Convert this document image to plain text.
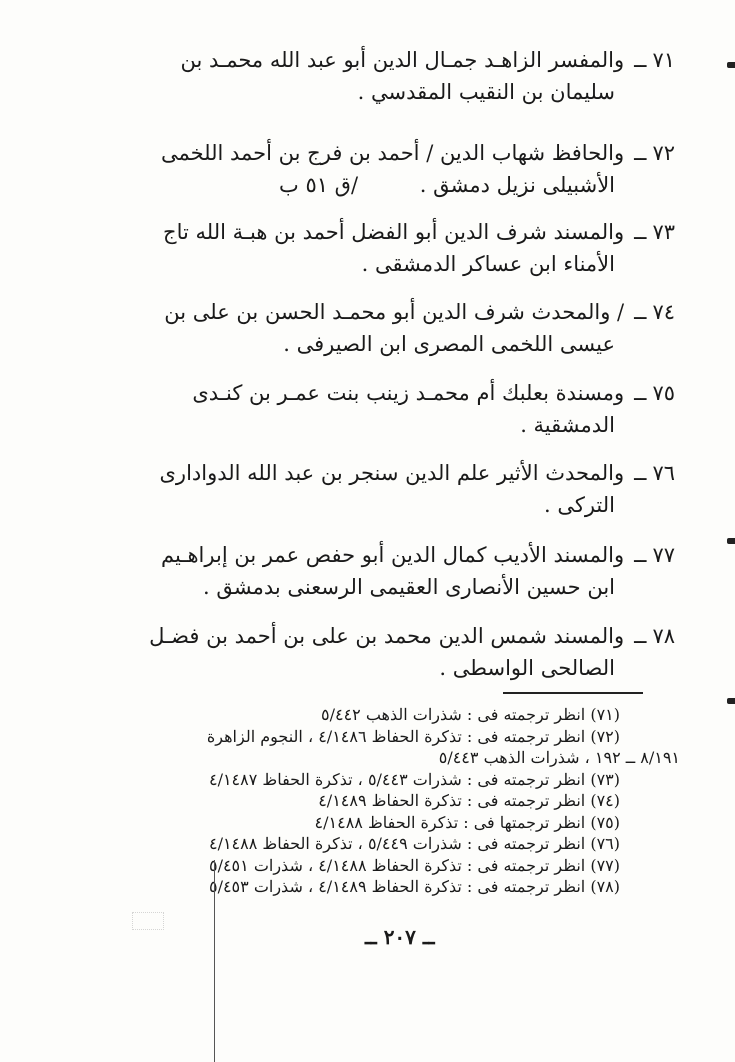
٧١
ــ
والمفسر الزاهـد جمـال الدين أبو عبد الله محمـد بن
سليمان بن النقيب المقدسي .
٧٢
ــ
والحافظ شهاب الدين / أحمد بن فرج بن أحمد اللخمى
الأشبيلى نزيل دمشق . /ق ٥١ ب
٧٣
ــ
والمسند شرف الدين أبو الفضل أحمد بن هبـة الله تاج
الأمناء ابن عساكر الدمشقى .
٧٤
ــ
/ والمحدث شرف الدين أبو محمـد الحسن بن على بن
عيسى اللخمى المصرى ابن الصيرفى .
٧٥
ــ
ومسندة بعلبك أم محمـد زينب بنت عمـر بن كنـدى
الدمشقية .
٧٦
ــ
والمحدث الأثير علم الدين سنجر بن عبد الله الدوادارى
التركى .
٧٧
ــ
والمسند الأديب كمال الدين أبو حفص عمر بن إبراهـيم
ابن حسين الأنصارى العقيمى الرسعنى بدمشق .
٧٨
ــ
والمسند شمس الدين محمد بن على بن أحمد بن فضـل
الصالحى الواسطى .
(٧١) انظر ترجمته فى : شذرات الذهب ٥/٤٤٢
(٧٢) انظر ترجمته فى : تذكرة الحفاظ ٤/١٤٨٦ ، النجوم الزاهرة
٨/١٩١ ــ ١٩٢ ، شذرات الذهب ٥/٤٤٣
(٧٣) انظر ترجمته فى : شذرات ٥/٤٤٣ ، تذكرة الحفاظ ٤/١٤٨٧
(٧٤) انظر ترجمته فى : تذكرة الحفاظ ٤/١٤٨٩
(٧٥) انظر ترجمتها فى : تذكرة الحفاظ ٤/١٤٨٨
(٧٦) انظر ترجمته فى : شذرات ٥/٤٤٩ ، تذكرة الحفاظ ٤/١٤٨٨
(٧٧) انظر ترجمته فى : تذكرة الحفاظ ٤/١٤٨٨ ، شذرات ٥/٤٥١
(٧٨) انظر ترجمته فى : تذكرة الحفاظ ٤/١٤٨٩ ، شذرات ٥/٤٥٣
ــ ٢٠٧ ــ
